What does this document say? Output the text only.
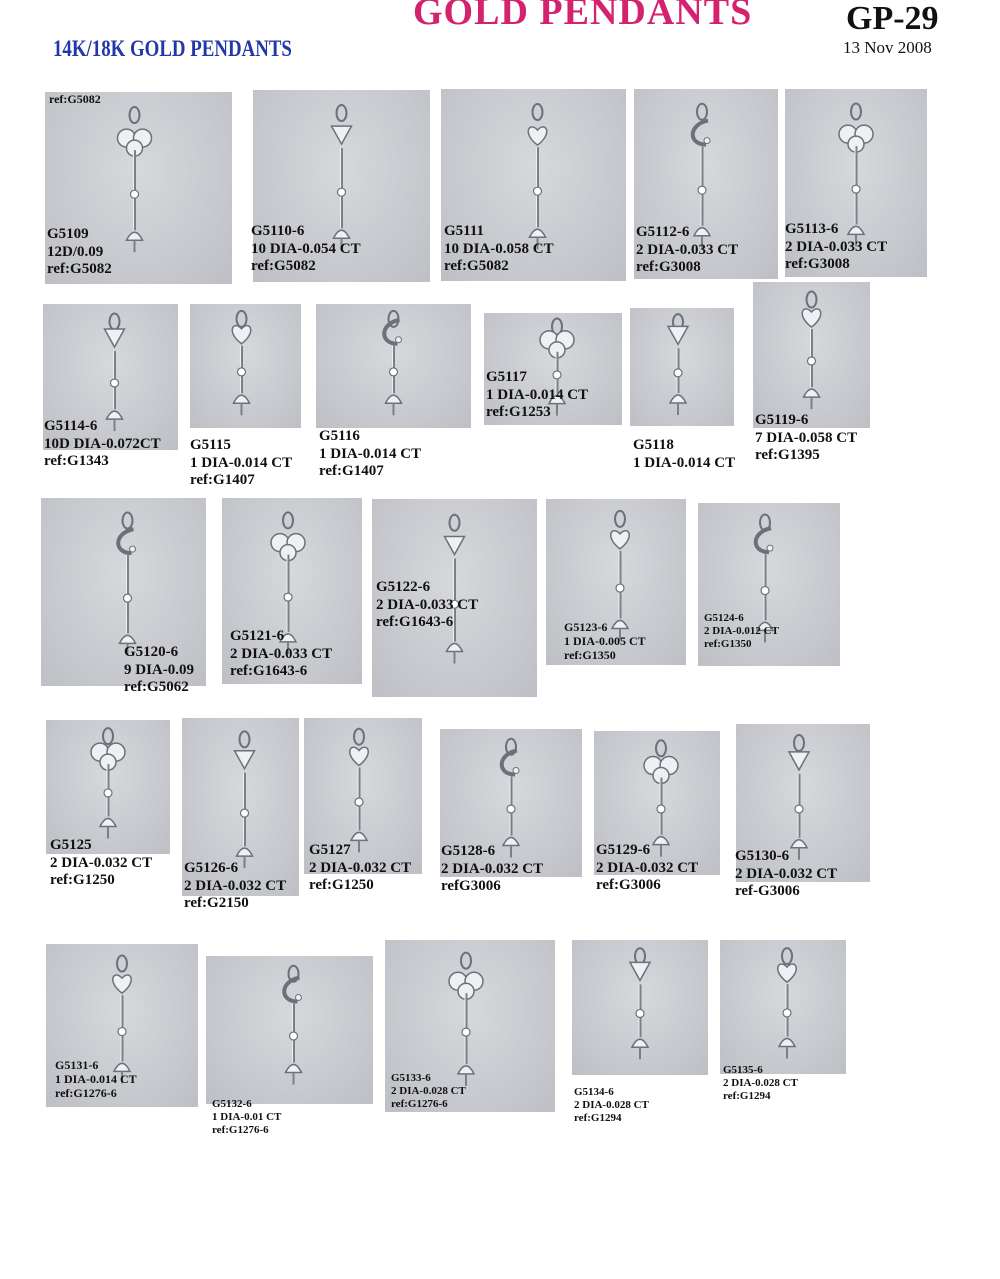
GOLD PENDANTS	GP-29
13 Nov 2008
14K/18K GOLD PENDANTS
ref:G5082
G5109
12D/0.09
ref:G5082
G5110-6
10 DIA-0.054 CT
ref:G5082
G5111
10 DIA-0.058 CT
ref:G5082
G5112-6
2 DIA-0.033 CT
ref:G3008
G5113-6
2 DIA-0.033 CT
ref:G3008
G5114-6
10D DIA-0.072CT
ref:G1343
G5115
1 DIA-0.014 CT
ref:G1407
G5116
1 DIA-0.014 CT
ref:G1407
G5117
1 DIA-0.014 CT
ref:G1253
G5118
1 DIA-0.014 CT
G5119-6
7 DIA-0.058 CT
ref:G1395
G5120-6
9 DIA-0.09
ref:G5062
G5121-6
2 DIA-0.033 CT
ref:G1643-6
G5122-6
2 DIA-0.033 CT
ref:G1643-6	G5123-6
1 DIA-0.005 CT
ref:G1350
G5124-6
2 DIA-0.012 CT
ref:G1350
G5125
2 DIA-0.032 CT
ref:G1250
G5126-6
2 DIA-0.032 CT
ref:G2150
G5127
2 DIA-0.032 CT
ref:G1250
G5128-6
2 DIA-0.032 CT
refG3006
G5129-6
2 DIA-0.032 CT
ref:G3006
G5130-6
2 DIA-0.032 CT
ref-G3006
G5131-6
1 DIA-0.014 CT
ref:G1276-6
G5132-6
1 DIA-0.01 CT
ref:G1276-6
G5133-6
2 DIA-0.028 CT
ref:G1276-6
G5134-6
2 DIA-0.028 CT
ref:G1294
G5135-6
2 DIA-0.028 CT
ref:G1294
